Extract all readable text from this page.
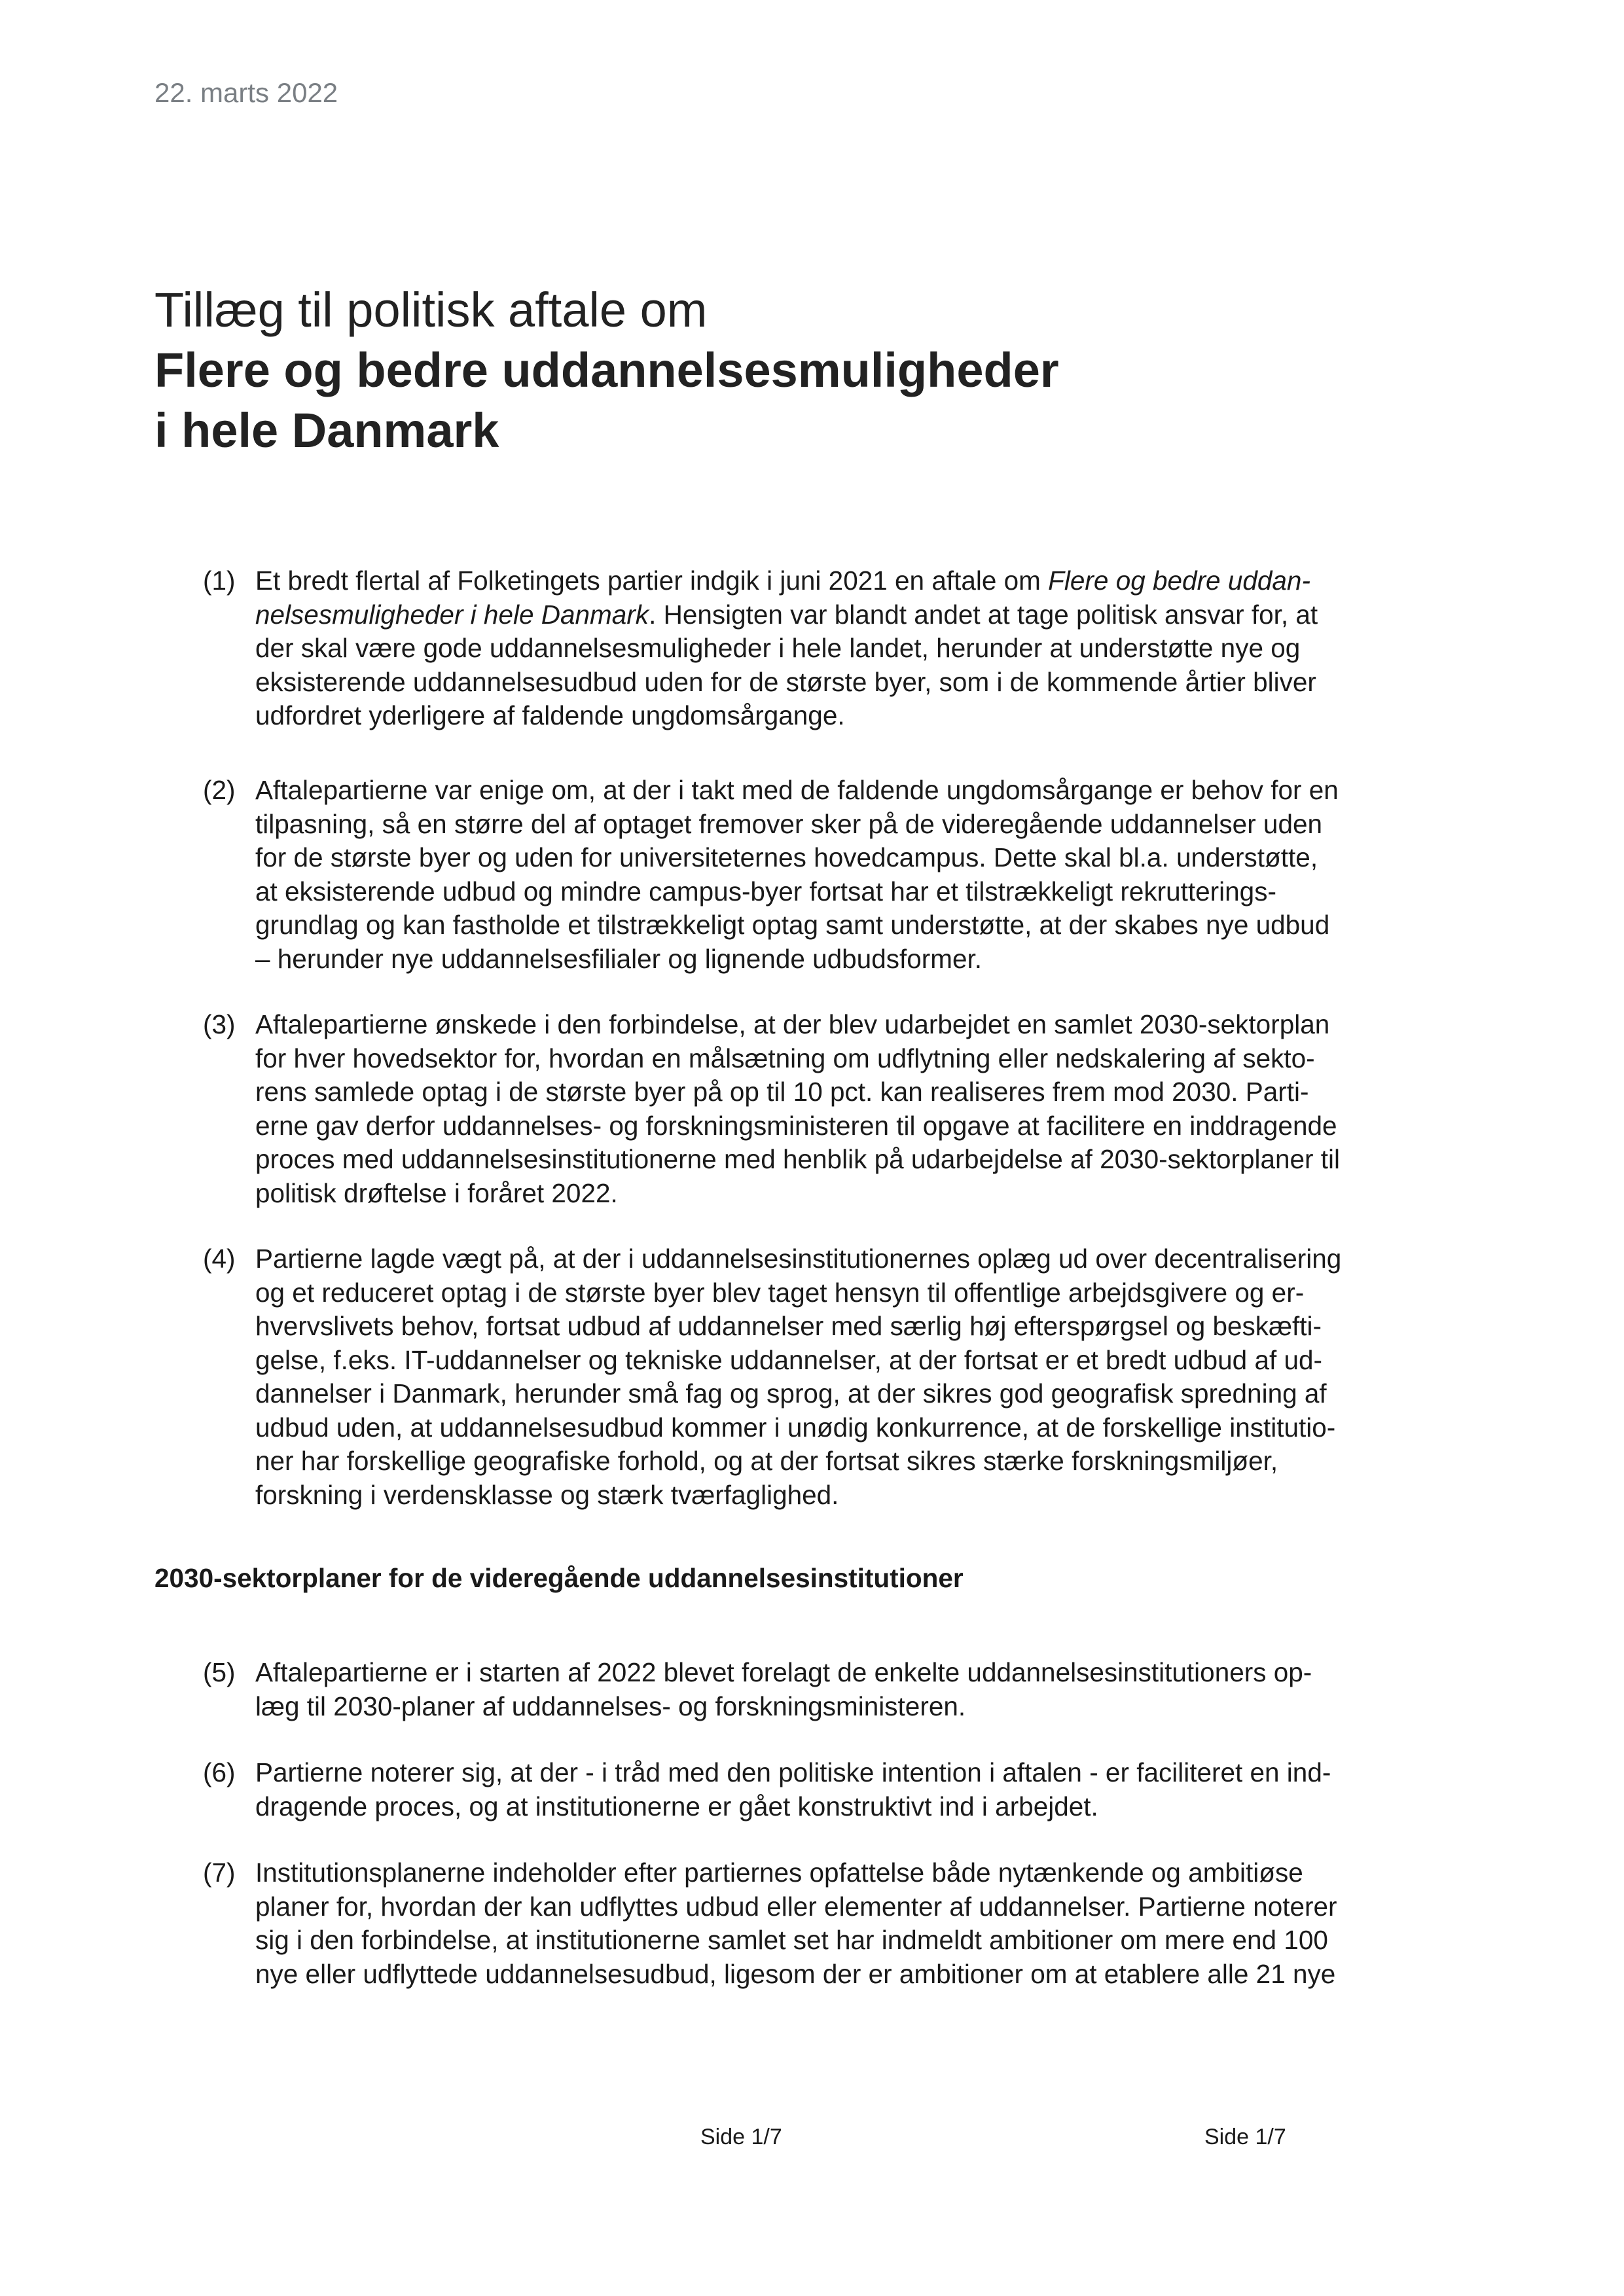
22. marts 2022
Tillæg til politisk aftale om
Flere og bedre uddannelsesmuligheder
i hele Danmark
(1) Et bredt flertal af Folketingets partier indgik i juni 2021 en aftale om Flere og bedre uddan-
nelsesmuligheder i hele Danmark. Hensigten var blandt andet at tage politisk ansvar for, at
der skal være gode uddannelsesmuligheder i hele landet, herunder at understøtte nye og
eksisterende uddannelsesudbud uden for de største byer, som i de kommende årtier bliver
udfordret yderligere af faldende ungdomsårgange.
(2) Aftalepartierne var enige om, at der i takt med de faldende ungdomsårgange er behov for en
tilpasning, så en større del af optaget fremover sker på de videregående uddannelser uden
for de største byer og uden for universiteternes hovedcampus. Dette skal bl.a. understøtte,
at eksisterende udbud og mindre campus-byer fortsat har et tilstrækkeligt rekrutterings-
grundlag og kan fastholde et tilstrækkeligt optag samt understøtte, at der skabes nye udbud
– herunder nye uddannelsesfilialer og lignende udbudsformer.
(3) Aftalepartierne ønskede i den forbindelse, at der blev udarbejdet en samlet 2030-sektorplan
for hver hovedsektor for, hvordan en målsætning om udflytning eller nedskalering af sekto-
rens samlede optag i de største byer på op til 10 pct. kan realiseres frem mod 2030. Parti-
erne gav derfor uddannelses- og forskningsministeren til opgave at facilitere en inddragende
proces med uddannelsesinstitutionerne med henblik på udarbejdelse af 2030-sektorplaner til
politisk drøftelse i foråret 2022.
(4) Partierne lagde vægt på, at der i uddannelsesinstitutionernes oplæg ud over decentralisering
og et reduceret optag i de største byer blev taget hensyn til offentlige arbejdsgivere og er-
hvervslivets behov, fortsat udbud af uddannelser med særlig høj efterspørgsel og beskæfti-
gelse, f.eks. IT-uddannelser og tekniske uddannelser, at der fortsat er et bredt udbud af ud-
dannelser i Danmark, herunder små fag og sprog, at der sikres god geografisk spredning af
udbud uden, at uddannelsesudbud kommer i unødig konkurrence, at de forskellige institutio-
ner har forskellige geografiske forhold, og at der fortsat sikres stærke forskningsmiljøer,
forskning i verdensklasse og stærk tværfaglighed.
2030-sektorplaner for de videregående uddannelsesinstitutioner
(5) Aftalepartierne er i starten af 2022 blevet forelagt de enkelte uddannelsesinstitutioners op-
læg til 2030-planer af uddannelses- og forskningsministeren.
(6) Partierne noterer sig, at der - i tråd med den politiske intention i aftalen - er faciliteret en ind-
dragende proces, og at institutionerne er gået konstruktivt ind i arbejdet.
(7) Institutionsplanerne indeholder efter partiernes opfattelse både nytænkende og ambitiøse
planer for, hvordan der kan udflyttes udbud eller elementer af uddannelser. Partierne noterer
sig i den forbindelse, at institutionerne samlet set har indmeldt ambitioner om mere end 100
nye eller udflyttede uddannelsesudbud, ligesom der er ambitioner om at etablere alle 21 nye
Side 1/7	Side 1/7
